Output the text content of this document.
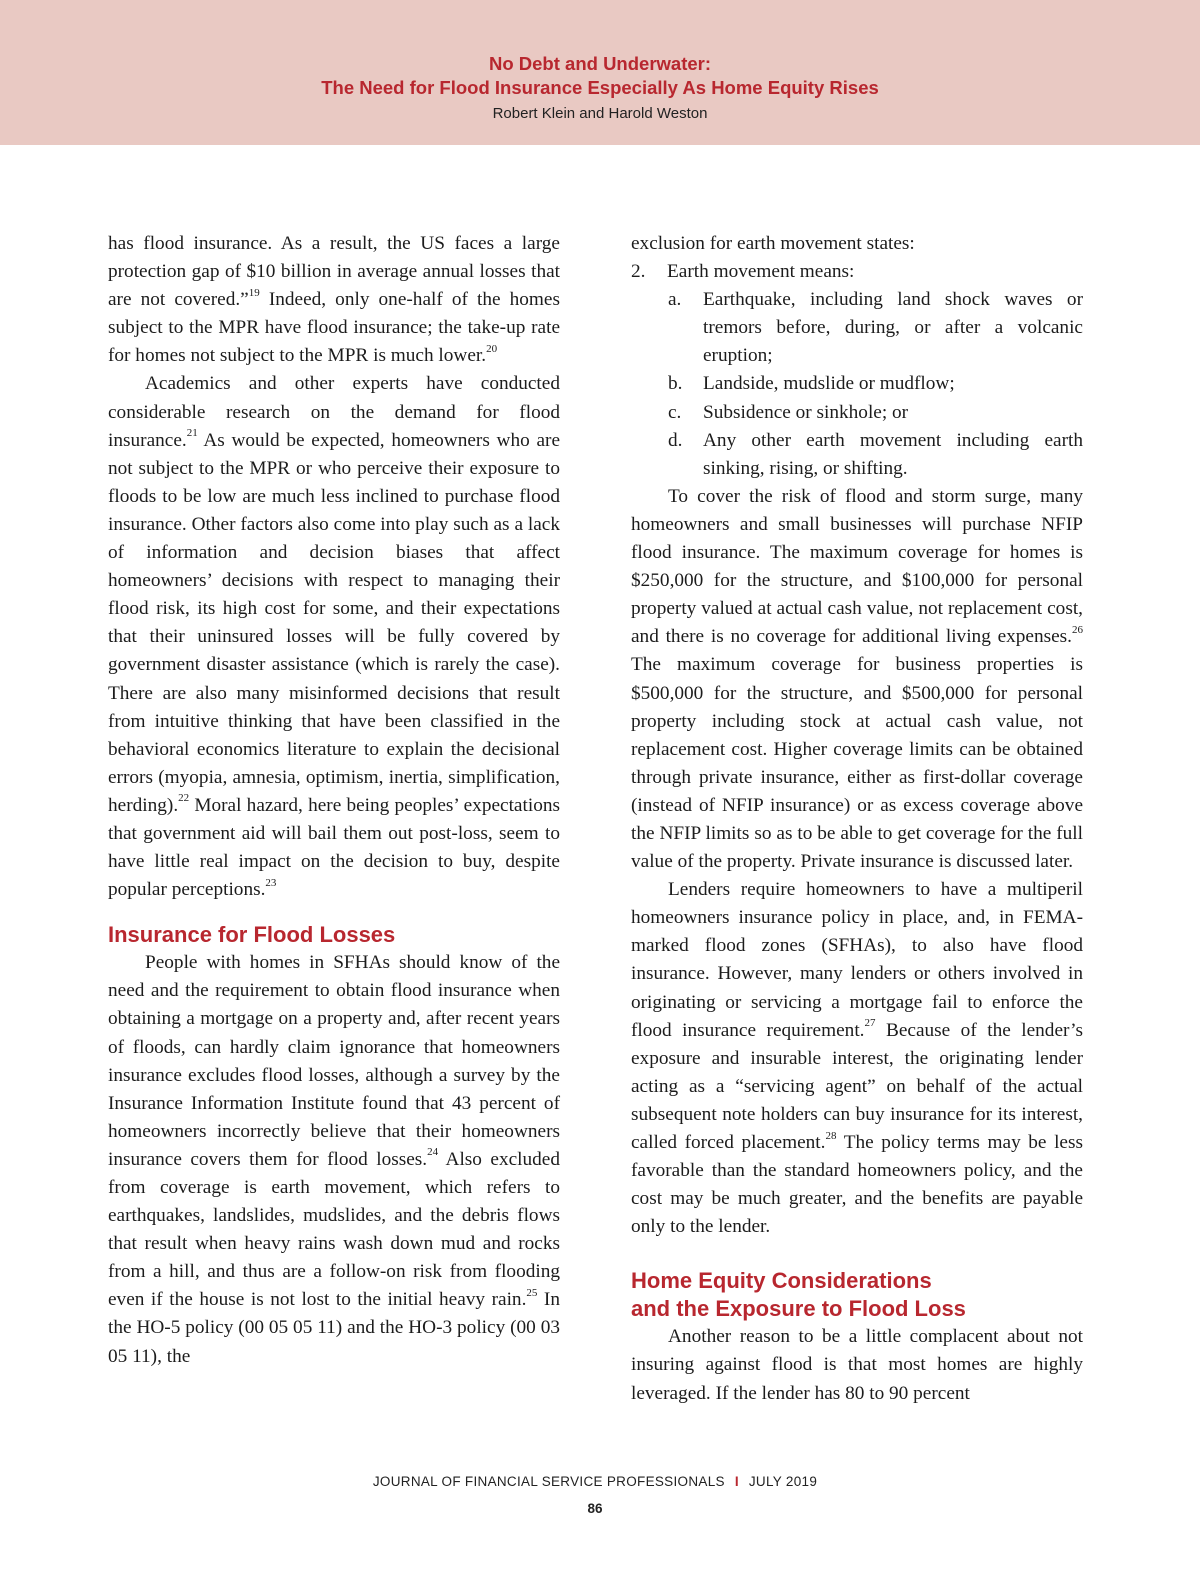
No Debt and Underwater:
The Need for Flood Insurance Especially As Home Equity Rises
Robert Klein and Harold Weston

has flood insurance. As a result, the US faces a large protection gap of $10 billion in average annual losses that are not covered.”$^{19}$ Indeed, only one-half of the homes subject to the MPR have flood insurance; the take-up rate for homes not subject to the MPR is much lower.$^{20}$

Academics and other experts have conducted considerable research on the demand for flood insurance.$^{21}$ As would be expected, homeowners who are not subject to the MPR or who perceive their exposure to floods to be low are much less inclined to purchase flood insurance. Other factors also come into play such as a lack of information and decision biases that affect homeowners’ decisions with respect to managing their flood risk, its high cost for some, and their expectations that their uninsured losses will be fully covered by government disaster assistance (which is rarely the case). There are also many misinformed decisions that result from intuitive thinking that have been classified in the behavioral economics literature to explain the decisional errors (myopia, amnesia, optimism, inertia, simplification, herding).$^{22}$ Moral hazard, here being peoples’ expectations that government aid will bail them out post-loss, seem to have little real impact on the decision to buy, despite popular perceptions.$^{23}$

Insurance for Flood Losses

People with homes in SFHAs should know of the need and the requirement to obtain flood insurance when obtaining a mortgage on a property and, after recent years of floods, can hardly claim ignorance that homeowners insurance excludes flood losses, although a survey by the Insurance Information Institute found that 43 percent of homeowners incorrectly believe that their homeowners insurance covers them for flood losses.$^{24}$ Also excluded from coverage is earth movement, which refers to earthquakes, landslides, mudslides, and the debris flows that result when heavy rains wash down mud and rocks from a hill, and thus are a follow-on risk from flooding even if the house is not lost to the initial heavy rain.$^{25}$ In the HO-5 policy (00 05 05 11) and the HO-3 policy (00 03 05 11), the

exclusion for earth movement states:

2. Earth movement means:
a. Earthquake, including land shock waves or tremors before, during, or after a volcanic eruption;
b. Landside, mudslide or mudflow;
c. Subsidence or sinkhole; or
d. Any other earth movement including earth sinking, rising, or shifting.

To cover the risk of flood and storm surge, many homeowners and small businesses will purchase NFIP flood insurance. The maximum coverage for homes is $250,000 for the structure, and $100,000 for personal property valued at actual cash value, not replacement cost, and there is no coverage for additional living expenses.$^{26}$ The maximum coverage for business properties is $500,000 for the structure, and $500,000 for personal property including stock at actual cash value, not replacement cost. Higher coverage limits can be obtained through private insurance, either as first-dollar coverage (instead of NFIP insurance) or as excess coverage above the NFIP limits so as to be able to get coverage for the full value of the property. Private insurance is discussed later.

Lenders require homeowners to have a multiperil homeowners insurance policy in place, and, in FEMA-marked flood zones (SFHAs), to also have flood insurance. However, many lenders or others involved in originating or servicing a mortgage fail to enforce the flood insurance requirement.$^{27}$ Because of the lender’s exposure and insurable interest, the originating lender acting as a “servicing agent” on behalf of the actual subsequent note holders can buy insurance for its interest, called forced placement.$^{28}$ The policy terms may be less favorable than the standard homeowners policy, and the cost may be much greater, and the benefits are payable only to the lender.

Home Equity Considerations
and the Exposure to Flood Loss

Another reason to be a little complacent about not insuring against flood is that most homes are highly leveraged. If the lender has 80 to 90 percent

JOURNAL OF FINANCIAL SERVICE PROFESSIONALS I JULY 2019
86
